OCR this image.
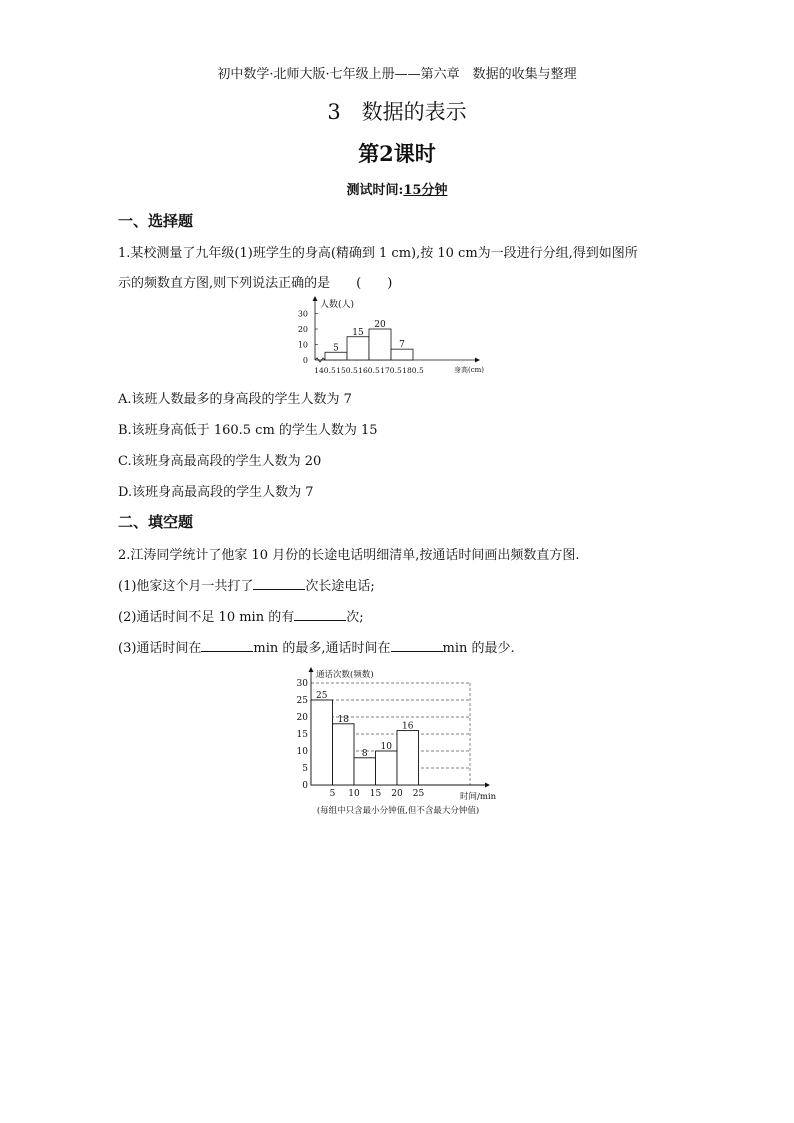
初中数学·北师大版·七年级上册——第六章　数据的收集与整理
3　数据的表示
第2课时
测试时间:15分钟
一、选择题
1.某校测量了九年级(1)班学生的身高(精确到 1 cm),按 10 cm为一段进行分组,得到如图所
示的频数直方图,则下列说法正确的是　　(　　)
人数(人)
身高(cm)
0
10
20
30
140.5 150.5 160.5 170.5 180.5
5
15
20
7
A.该班人数最多的身高段的学生人数为 7
B.该班身高低于 160.5 cm 的学生人数为 15
C.该班身高最高段的学生人数为 20
D.该班身高最高段的学生人数为 7
二、填空题
2.江涛同学统计了他家 10 月份的长途电话明细清单,按通话时间画出频数直方图.
(1)他家这个月一共打了	次长途电话;
(2)通话时间不足 10 min 的有	次;
(3)通话时间在	min 的最多,通话时间在	min 的最少.
0
5
10
15
20
25
30
通话次数(频数)
时间/min
5 10 15 20 25
25
18
8
10
16
(每组中只含最小分钟值,但不含最大分钟值)
